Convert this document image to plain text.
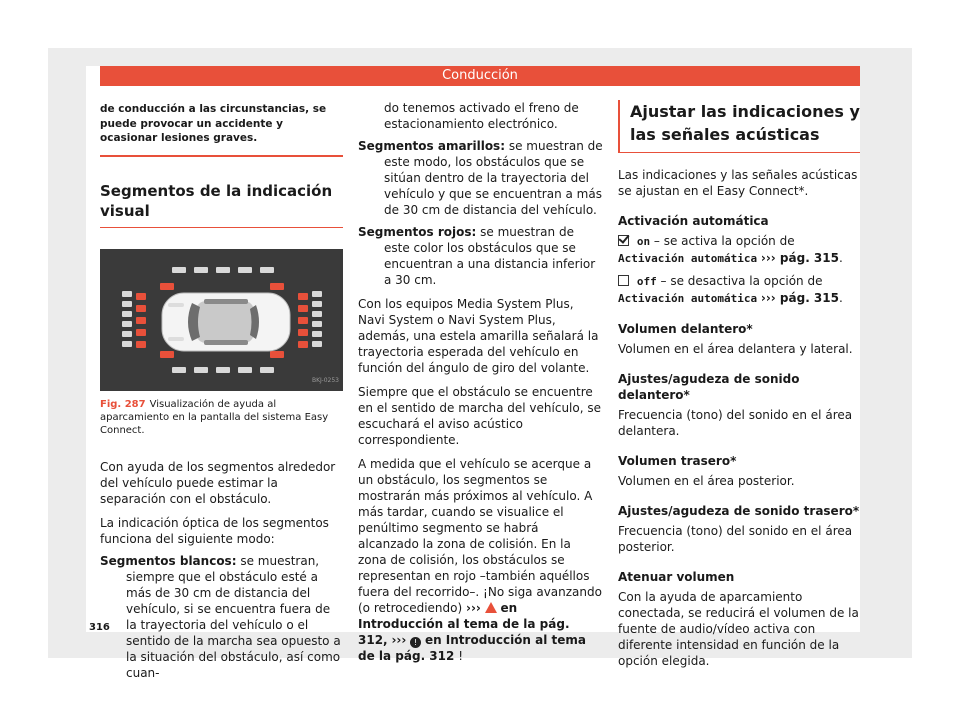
Conducción
de conducción a las circunstancias, se puede provocar un accidente y ocasionar lesiones graves.
Segmentos de la indicación visual
BKJ-0253
Fig. 287 Visualización de ayuda al aparcamiento en la pantalla del sistema Easy Connect.

Con ayuda de los segmentos alrededor del vehículo puede estimar la separación con el obstáculo.

La indicación óptica de los segmentos funciona del siguiente modo:

Segmentos blancos: se muestran, siempre que el obstáculo esté a más de 30 cm de distancia del vehículo, si se encuentra fuera de la trayectoria del vehículo o el sentido de la marcha sea opuesto a la situación del obstáculo, así como cuan-
do tenemos activado el freno de estacionamiento electrónico.
Segmentos amarillos: se muestran de este modo, los obstáculos que se sitúan dentro de la trayectoria del vehículo y que se encuentran a más de 30 cm de distancia del vehículo.
Segmentos rojos: se muestran de este color los obstáculos que se encuentran a una distancia inferior a 30 cm.

Con los equipos Media System Plus, Navi System o Navi System Plus, además, una estela amarilla señalará la trayectoria esperada del vehículo en función del ángulo de giro del volante.

Siempre que el obstáculo se encuentre en el sentido de marcha del vehículo, se escuchará el aviso acústico correspondiente.

A medida que el vehículo se acerque a un obstáculo, los segmentos se mostrarán más próximos al vehículo. A más tardar, cuando se visualice el penúltimo segmento se habrá alcanzado la zona de colisión. En la zona de colisión, los obstáculos se representan en rojo –también aquéllos fuera del recorrido–. ¡No siga avanzando (o retrocediendo) ››› en Introducción al tema de la pág. 312, ››› ! en Introducción al tema de la pág. 312 !

Ajustar las indicaciones y las señales acústicas

Las indicaciones y las señales acústicas se ajustan en el Easy Connect*.

Activación automática

on – se activa la opción de Activación automática ››› pág. 315.

off – se desactiva la opción de Activación automática ››› pág. 315.

Volumen delantero*

Volumen en el área delantera y lateral.

Ajustes/agudeza de sonido delantero*

Frecuencia (tono) del sonido en el área delantera.

Volumen trasero*

Volumen en el área posterior.

Ajustes/agudeza de sonido trasero*

Frecuencia (tono) del sonido en el área posterior.

Atenuar volumen

Con la ayuda de aparcamiento conectada, se reducirá el volumen de la fuente de audio/vídeo activa con diferente intensidad en función de la opción elegida.

316
